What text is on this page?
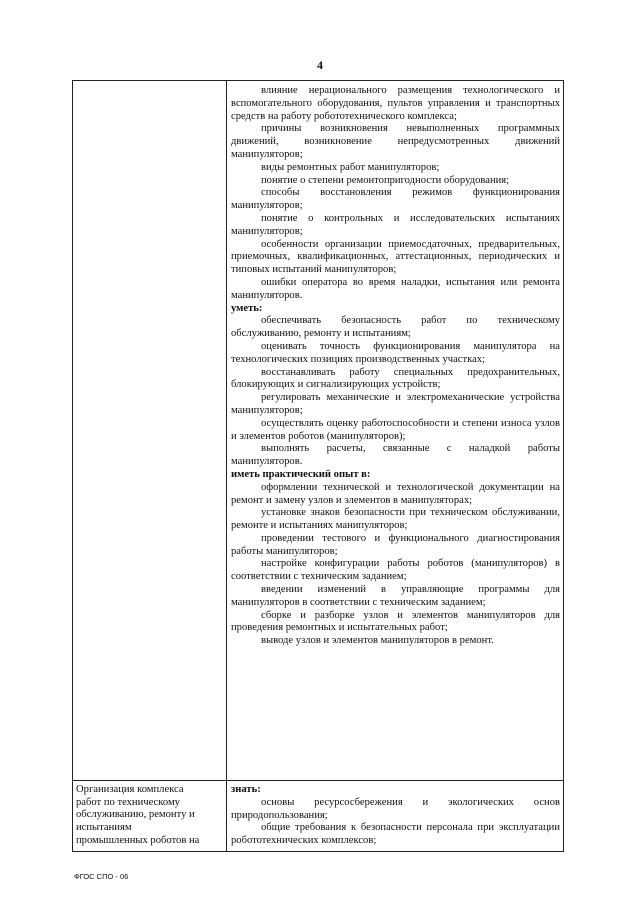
4

влияние нерационального размещения технологического и вспомогательного оборудования, пультов управления и транспортных средств на работу робототехнического комплекса;

причины возникновения невыполненных программных движений, возникновение непредусмотренных движений манипуляторов;

виды ремонтных работ манипуляторов;

понятие о степени ремонтопригодности оборудования;

способы восстановления режимов функционирования манипуляторов;

понятие о контрольных и исследовательских испытаниях манипуляторов;

особенности организации приемосдаточных, предварительных, приемочных, квалификационных, аттестационных, периодических и типовых испытаний манипуляторов;

ошибки оператора во время наладки, испытания или ремонта манипуляторов.

уметь:

обеспечивать безопасность работ по техническому обслуживанию, ремонту и испытаниям;

оценивать точность функционирования манипулятора на технологических позициях производственных участках;

восстанавливать работу специальных предохранительных, блокирующих и сигнализирующих устройств;

регулировать механические и электромеханические устройства манипуляторов;

осуществлять оценку работоспособности и степени износа узлов и элементов роботов (манипуляторов);

выполнять расчеты, связанные с наладкой работы манипуляторов.

иметь практический опыт в:

оформлении технической и технологической документации на ремонт и замену узлов и элементов в манипуляторах;

установке знаков безопасности при техническом обслуживании, ремонте и испытаниях манипуляторов;

проведении тестового и функционального диагностирования работы манипуляторов;

настройке конфигурации работы роботов (манипуляторов) в соответствии с техническим заданием;

введении изменений в управляющие программы для манипуляторов в соответствии с техническим заданием;

сборке и разборке узлов и элементов манипуляторов для проведения ремонтных и испытательных работ;

выводе узлов и элементов манипуляторов в ремонт.

Организация комплекса
работ по техническому
обслуживанию, ремонту и
испытаниям
промышленных роботов на

знать:

основы ресурсосбережения и экологических основ природопользования;

общие требования к безопасности персонала при эксплуатации робототехнических комплексов;

ФГОС СПО - 06
